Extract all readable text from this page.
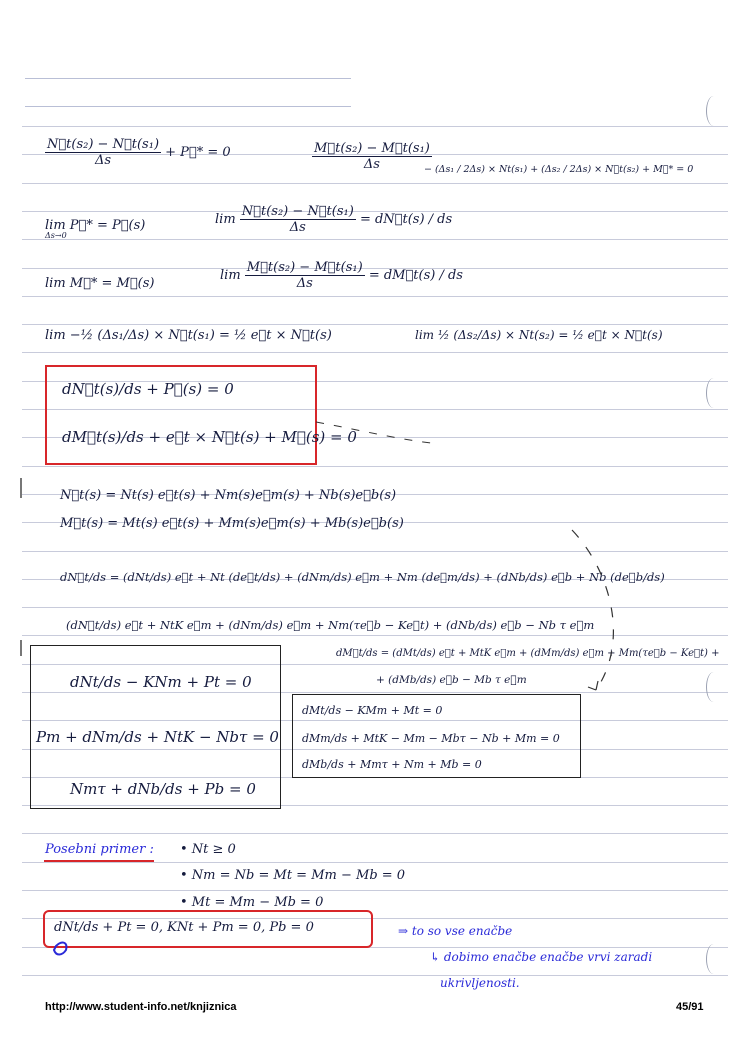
$\frac{\text{N⃗t(s₂) − N⃗t(s₁)}}{\Delta s}$ + P⃗* = 0	$\frac{\text{M⃗t(s₂) − M⃗t(s₁)}}{\Delta s}$
− (Δs₁ / 2Δs) × Nt(s₁) + (Δs₂ / 2Δs) × N⃗t(s₂) + M⃗* = 0
lim P⃗* = P⃗(s)
Δs→0
$\lim \frac{\text{N⃗t(s₂) − N⃗t(s₁)}}{\Delta s}$ = dN⃗t(s) / ds
lim M⃗* = M⃗(s)
$\lim \frac{\text{M⃗t(s₂) − M⃗t(s₁)}}{\Delta s}$ = dM⃗t(s) / ds
lim −½ (Δs₁/Δs) × N⃗t(s₁) = ½ e⃗t × N⃗t(s)	lim ½ (Δs₂/Δs) × Nt(s₂) = ½ e⃗t × N⃗t(s)
dN⃗t(s)/ds + P⃗(s) = 0
dM⃗t(s)/ds + e⃗t × N⃗t(s) + M⃗(s) = 0
N⃗t(s) = Nt(s) e⃗t(s) + Nm(s)e⃗m(s) + Nb(s)e⃗b(s)
M⃗t(s) = Mt(s) e⃗t(s) + Mm(s)e⃗m(s) + Mb(s)e⃗b(s)
dN⃗t/ds = (dNt/ds) e⃗t + Nt (de⃗t/ds) + (dNm/ds) e⃗m + Nm (de⃗m/ds) + (dNb/ds) e⃗b + Nb (de⃗b/ds)
(dN⃗t/ds) e⃗t + NtK e⃗m + (dNm/ds) e⃗m + Nm(τe⃗b − Ke⃗t) + (dNb/ds) e⃗b − Nb τ e⃗m
dM⃗t/ds = (dMt/ds) e⃗t + MtK e⃗m + (dMm/ds) e⃗m + Mm(τe⃗b − Ke⃗t) +
+ (dMb/ds) e⃗b − Mb τ e⃗m
dNt/ds − KNm + Pt = 0
Pm + dNm/ds + NtK − Nbτ = 0
Nmτ + dNb/ds + Pb = 0
dMt/ds − KMm + Mt = 0
dMm/ds + MtK − Mm − Mbτ − Nb + Mm = 0
dMb/ds + Mmτ + Nm + Mb = 0
Posebni primer : • Nt ≥ 0
• Nm = Nb = Mt = Mm − Mb = 0
• Mt = Mm − Mb = 0
dNt/ds + Pt = 0, KNt + Pm = 0, Pb = 0	⇒ to so vse enačbe
↳ dobimo enačbe enačbe vrvi zaradi
ukrivljenosti.
http://www.student-info.net/knjiznica	45/91
